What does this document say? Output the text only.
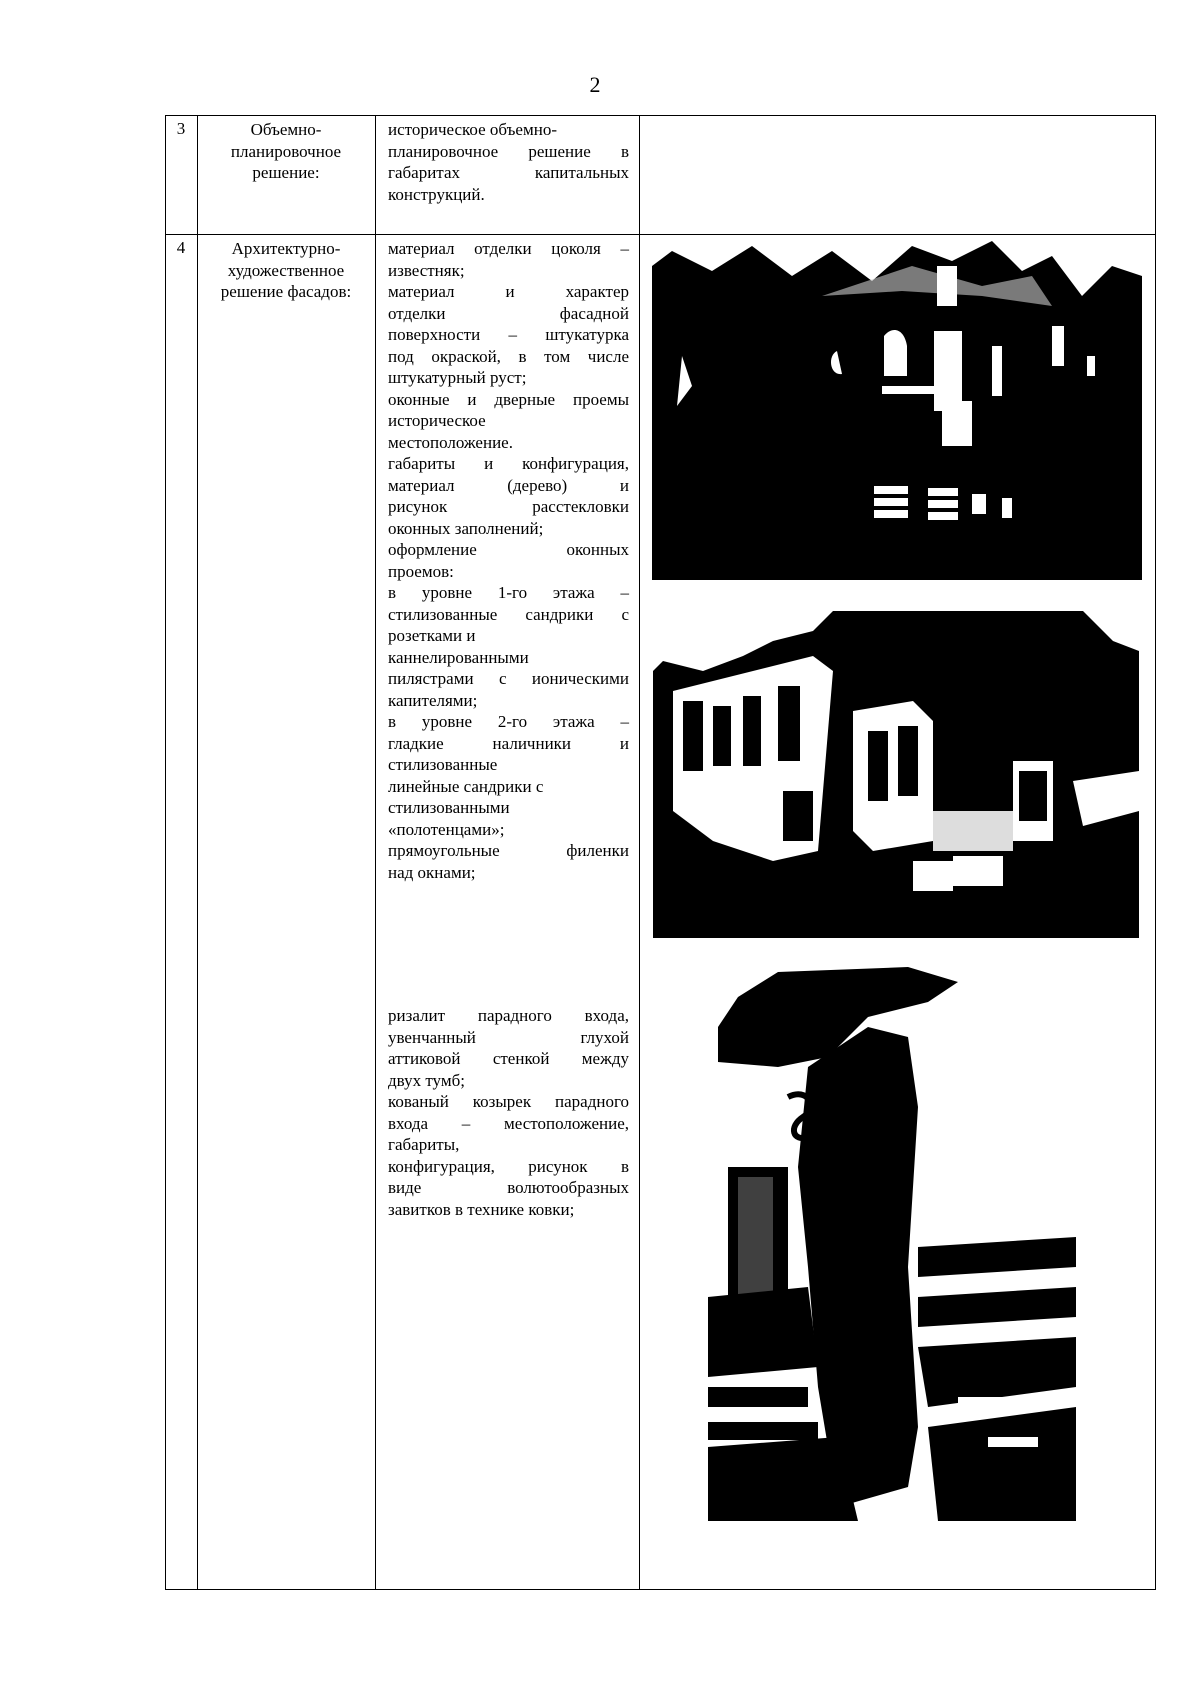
2
3	Объемно-
планировочное
решение:

историческое объемно-

планировочное решение в

габаритах капитальных

конструкций.

4	Архитектурно-
художественное
решение фасадов:

материал отделки цоколя –

известняк;

материал и характер

отделки фасадной

поверхности – штукатурка

под окраской, в том числе

штукатурный руст;

оконные и дверные проемы

историческое

местоположение.

габариты и конфигурация,

материал (дерево) и

рисунок расстекловки

оконных заполнений;

оформление оконных

проемов:

в уровне 1-го этажа –

стилизованные сандрики с

розетками и

каннелированными

пилястрами с ионическими

капителями;

в уровне 2-го этажа –

гладкие наличники и

стилизованные

линейные сандрики с

стилизованными

«полотенцами»;

прямоугольные филенки

над окнами;

ризалит парадного входа,

увенчанный глухой

аттиковой стенкой между

двух тумб;

кованый козырек парадного

входа – местоположение,

габариты,

конфигурация, рисунок в

виде волютообразных

завитков в технике ковки;
